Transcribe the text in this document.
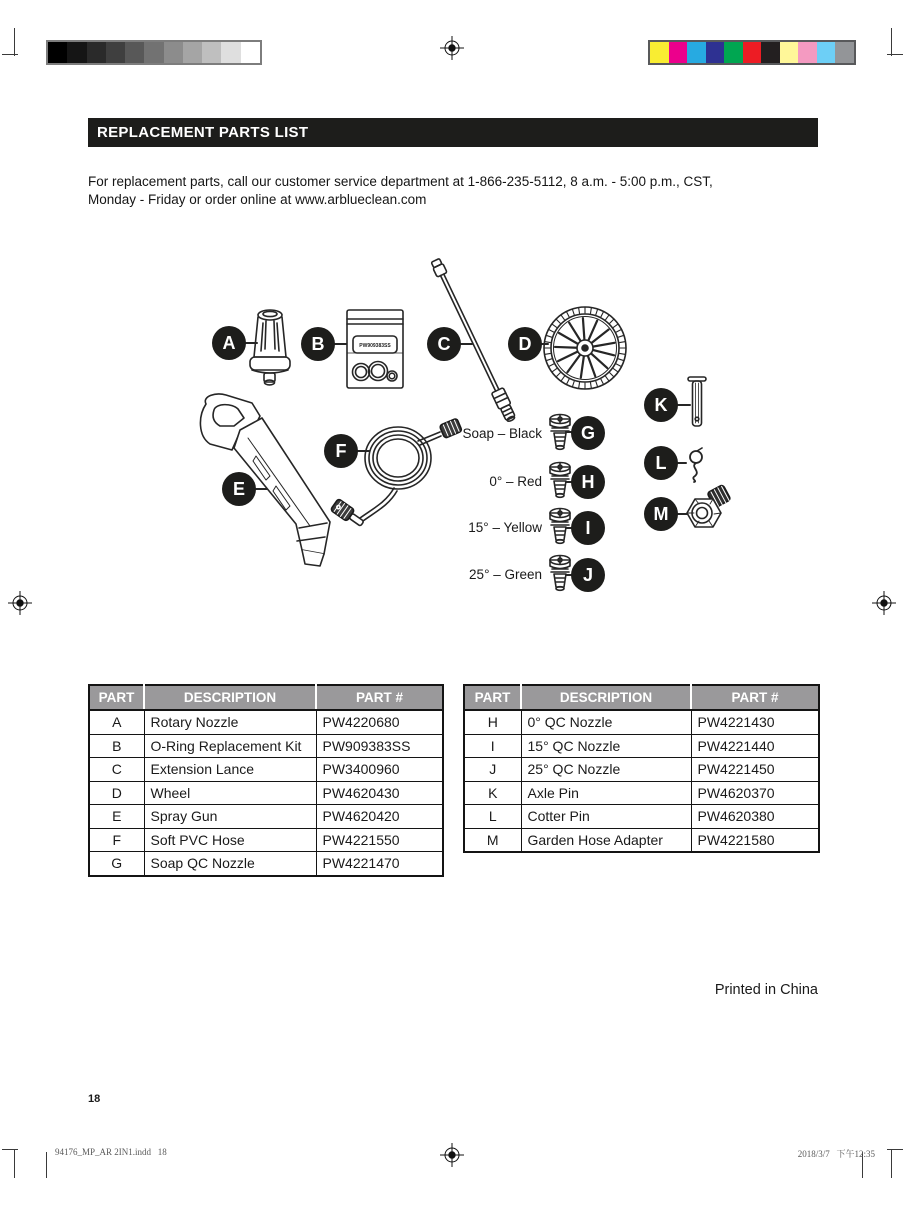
REPLACEMENT PARTS LIST
For replacement parts, call our customer service department at 1-866-235-5112, 8 a.m. - 5:00 p.m., CST,
Monday - Friday or order online at www.arblueclean.com
PW909383SS
A	B	C	D
E
F
G
H
I
J
K
L
M
Soap – Black
0° – Red
15° – Yellow
25° – Green
PART	DESCRIPTION	PART #
A	Rotary Nozzle	PW4220680
B	O-Ring Replacement Kit	PW909383SS
C	Extension Lance	PW3400960
D	Wheel	PW4620430
E	Spray Gun	PW4620420
F	Soft PVC Hose	PW4221550
G	Soap QC Nozzle	PW4221470
PART	DESCRIPTION	PART #
H	0° QC Nozzle	PW4221430
I	15° QC Nozzle	PW4221440
J	25° QC Nozzle	PW4221450
K	Axle Pin	PW4620370
L	Cotter Pin	PW4620380
M	Garden Hose Adapter	PW4221580
Printed in China
18
94176_MP_AR 2IN1.indd   18	2018/3/7   下午12:35
